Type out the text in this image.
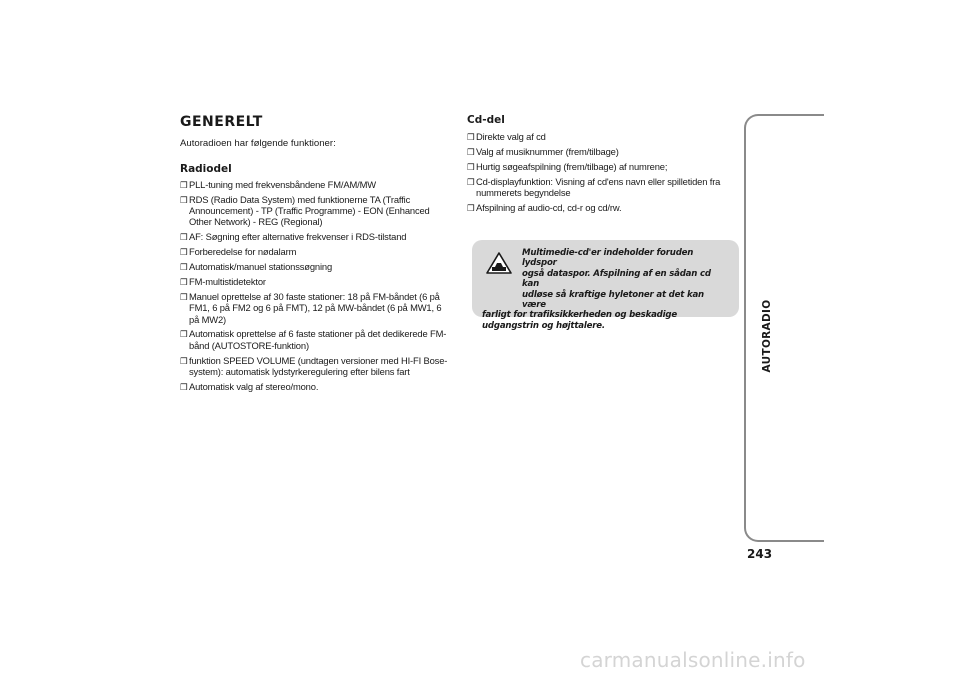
GENERELT

Autoradioen har følgende funktioner:

Radiodel
❒ PLL-tuning med frekvensbåndene FM/AM/MW
❒ RDS (Radio Data System) med funktionerne TA (Traffic Announcement) - TP (Traffic Programme) - EON (Enhanced Other Network) - REG (Regional)
❒ AF: Søgning efter alternative frekvenser i RDS-tilstand
❒ Forberedelse for nødalarm
❒ Automatisk/manuel stationssøgning
❒ FM-multistidetektor
❒ Manuel oprettelse af 30 faste stationer: 18 på FM-båndet (6 på FM1, 6 på FM2 og 6 på FMT), 12 på MW-båndet (6 på MW1, 6 på MW2)
❒ Automatisk oprettelse af 6 faste stationer på det dedikerede FM-bånd (AUTOSTORE-funktion)
❒ funktion SPEED VOLUME (undtagen versioner med HI-FI Bose-system): automatisk lydstyrkeregulering efter bilens fart
❒ Automatisk valg af stereo/mono.
Cd-del
❒ Direkte valg af cd
❒ Valg af musiknummer (frem/tilbage)
❒ Hurtig søgeafspilning (frem/tilbage) af numrene;
❒ Cd-displayfunktion: Visning af cd'ens navn eller spilletiden fra nummerets begyndelse
❒ Afspilning af audio-cd, cd-r og cd/rw.

Multimedie-cd'er indeholder foruden lydspor
også dataspor. Afspilning af en sådan cd kan
udløse så kraftige hyletoner at det kan være
farligt for trafiksikkerheden og beskadige udgangstrin og højttalere.	AUTORADIO
243
carmanualsonline.info
